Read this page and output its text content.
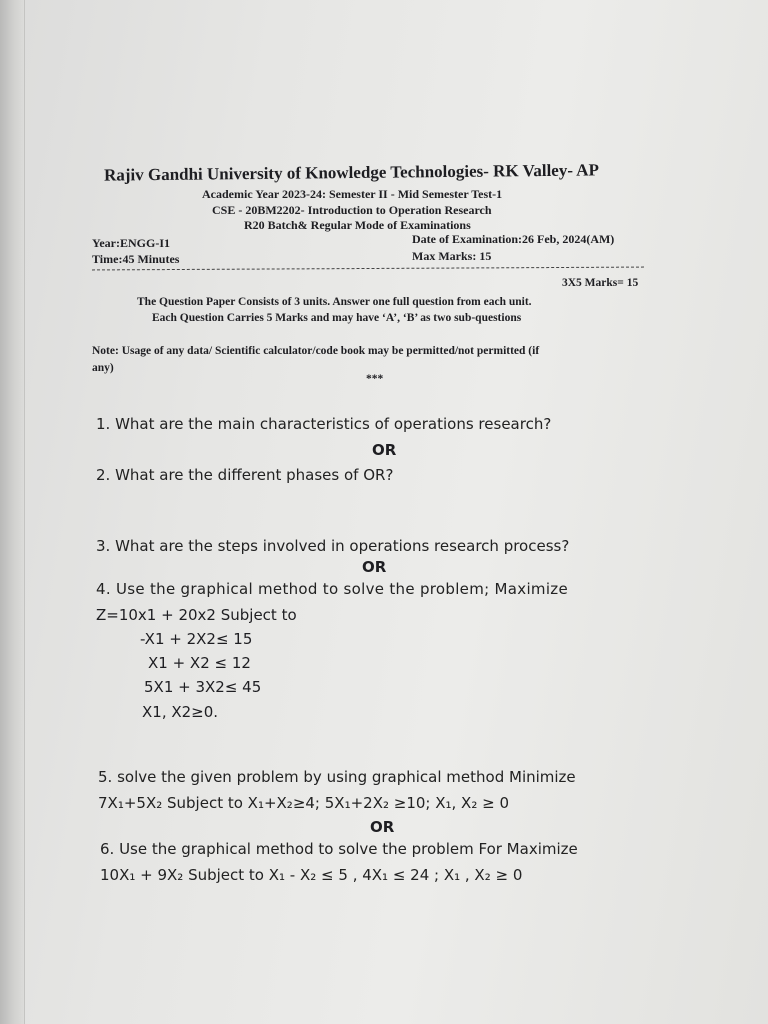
Rajiv Gandhi University of Knowledge Technologies- RK Valley- AP
Academic Year 2023-24: Semester II - Mid Semester Test-1
CSE - 20BM2202- Introduction to Operation Research
R20 Batch& Regular Mode of Examinations
Year:ENGG-I1
Time:45 Minutes
Date of Examination:26 Feb, 2024(AM)
Max Marks: 15
3X5 Marks= 15
The Question Paper Consists of 3 units. Answer one full question from each unit.
Each Question Carries 5 Marks and may have ‘A’, ‘B’ as two sub-questions
Note: Usage of any data/ Scientific calculator/code book may be permitted/not permitted (if
any)
***
1. What are the main characteristics of operations research?
OR
2. What are the different phases of OR?
3. What are the steps involved in operations research process?
OR
4. Use the graphical method to solve the problem; Maximize
Z=10x1 + 20x2 Subject to
-X1 + 2X2≤ 15
X1 + X2 ≤ 12
5X1 + 3X2≤ 45
X1, X2≥0.
5. solve the given problem by using graphical method Minimize
7X₁+5X₂ Subject to X₁+X₂≥4; 5X₁+2X₂ ≥10; X₁, X₂ ≥ 0
OR
6. Use the graphical method to solve the problem For Maximize
10X₁ + 9X₂ Subject to X₁ - X₂ ≤ 5 , 4X₁ ≤ 24 ; X₁ , X₂ ≥ 0
